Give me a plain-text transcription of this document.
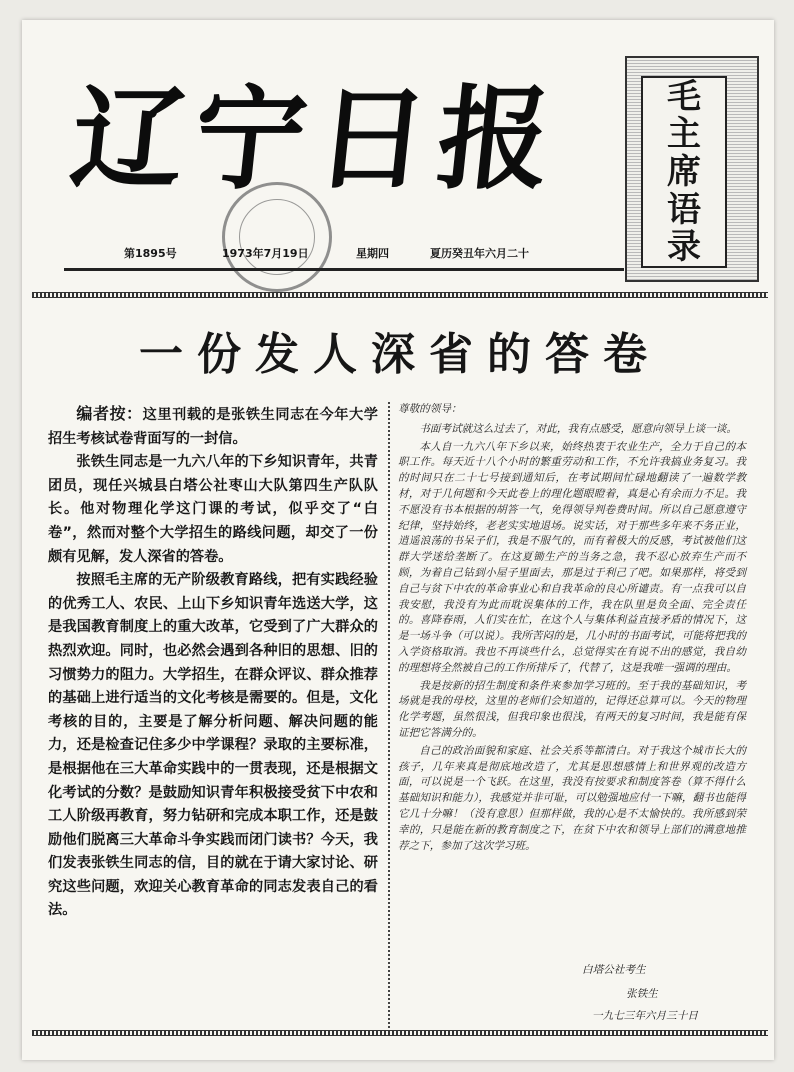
辽宁日报
第1895号	1973年7月19日	星期四	夏历癸丑年六月二十
毛
主
席
语
录
一份发人深省的答卷

编者按：这里刊载的是张铁生同志在今年大学招生考核试卷背面写的一封信。

张铁生同志是一九六八年的下乡知识青年，共青团员，现任兴城县白塔公社枣山大队第四生产队队长。他对物理化学这门课的考试，似乎交了“白卷”，然而对整个大学招生的路线问题，却交了一份颇有见解，发人深省的答卷。

按照毛主席的无产阶级教育路线，把有实践经验的优秀工人、农民、上山下乡知识青年选送大学，这是我国教育制度上的重大改革，它受到了广大群众的热烈欢迎。同时，也必然会遇到各种旧的思想、旧的习惯势力的阻力。大学招生，在群众评议、群众推荐的基础上进行适当的文化考核是需要的。但是，文化考核的目的，主要是了解分析问题、解决问题的能力，还是检查记住多少中学课程？录取的主要标准，是根据他在三大革命实践中的一贯表现，还是根据文化考试的分数？是鼓励知识青年积极接受贫下中农和工人阶级再教育，努力钻研和完成本职工作，还是鼓励他们脱离三大革命斗争实践而闭门读书？今天，我们发表张铁生同志的信，目的就在于请大家讨论、研究这些问题，欢迎关心教育革命的同志发表自己的看法。

尊敬的领导：

书面考试就这么过去了，对此，我有点感受，愿意向领导上谈一谈。

本人自一九六八年下乡以来，始终热衷于农业生产，全力于自己的本职工作。每天近十八个小时的繁重劳动和工作，不允许我搞业务复习。我的时间只在二十七号接到通知后，在考试期间忙碌地翻读了一遍数学教材，对于几何题和今天此卷上的理化题眼瞪着，真是心有余而力不足。我不愿没有书本根据的胡答一气，免得领导判卷费时间。所以自己愿意遵守纪律，坚持始终，老老实实地退场。说实话，对于那些多年来不务正业，逍遥浪荡的书呆子们，我是不服气的，而有着极大的反感，考试被他们这群大学迷给垄断了。在这夏锄生产的当务之急，我不忍心放弃生产而不顾，为着自己钻到小屋子里面去，那是过于利己了吧。如果那样，将受到自己与贫下中农的革命事业心和自我革命的良心所谴责。有一点我可以自我安慰，我没有为此而耽误集体的工作，我在队里是负全面、完全责任的。喜降春雨，人们实在忙，在这个人与集体利益直接矛盾的情况下，这是一场斗争（可以说）。我所苦闷的是，几小时的书面考试，可能将把我的入学资格取消。我也不再谈些什么，总觉得实在有说不出的感觉，我自幼的理想将全然被自己的工作所排斥了，代替了，这是我唯一强调的理由。

我是按新的招生制度和条件来参加学习班的。至于我的基础知识，考场就是我的母校，这里的老师们会知道的，记得还总算可以。今天的物理化学考题，虽然很浅，但我印象也很浅，有两天的复习时间，我是能有保证把它答满分的。

自己的政治面貌和家庭、社会关系等都清白。对于我这个城市长大的孩子，几年来真是彻底地改造了，尤其是思想感情上和世界观的改造方面，可以说是一个飞跃。在这里，我没有按要求和制度答卷（算不得什么基础知识和能力），我感觉并非可耻，可以勉强地应付一下嘛，翻书也能得它几十分嘛！（没有意思）但那样做，我的心是不太愉快的。我所感到荣幸的，只是能在新的教育制度之下，在贫下中农和领导上部们的满意地推荐之下，参加了这次学习班。

白塔公社考生
张铁生
一九七三年六月三十日
